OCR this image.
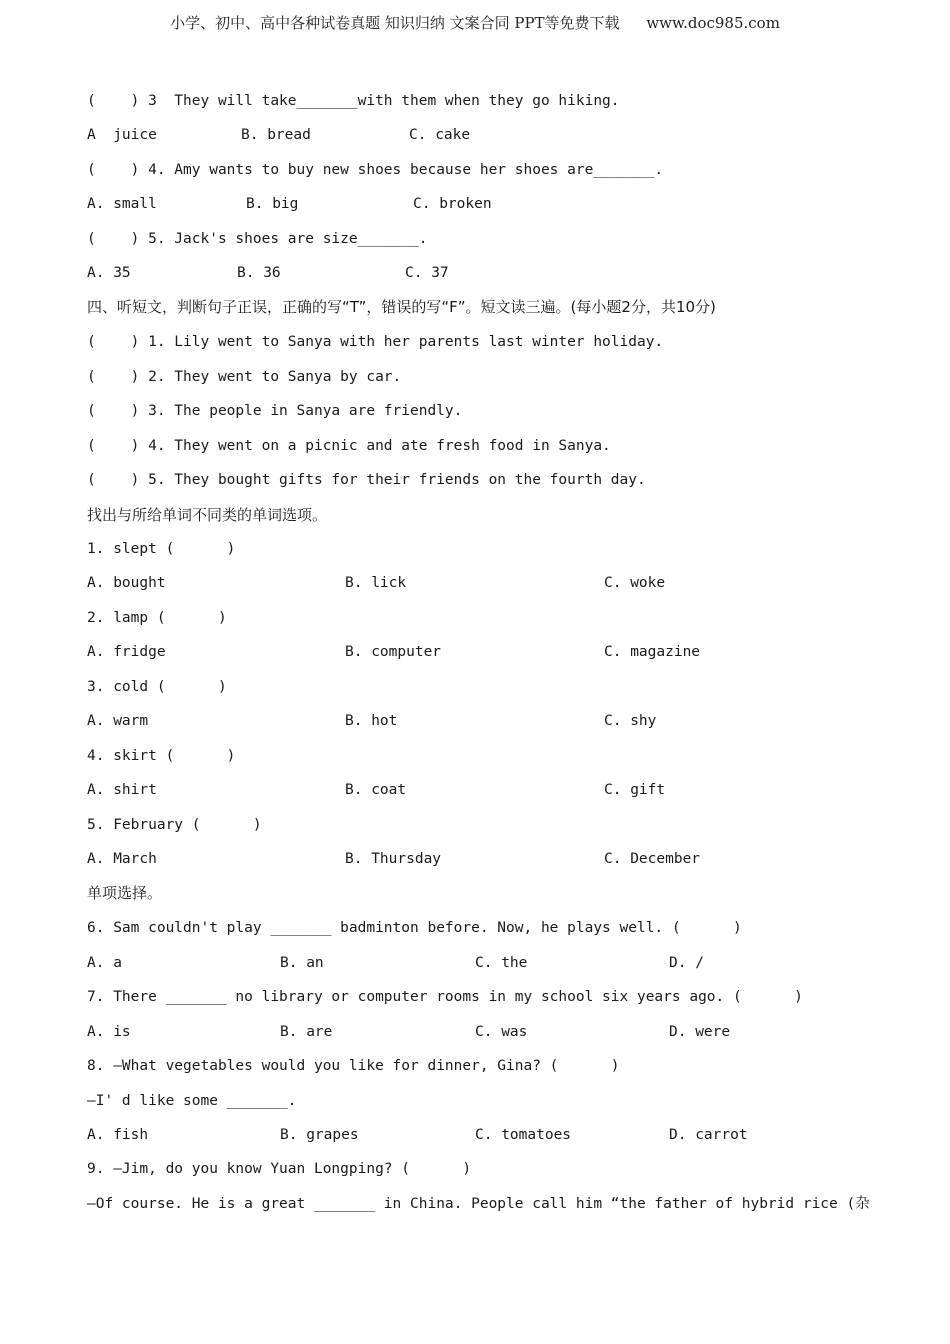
小学、初中、高中各种试卷真题 知识归纳 文案合同 PPT等免费下载 www.doc985.com
(    ) 3  They will take_______with them when they go hiking.
A  juice	B. bread	C. cake
(    ) 4. Amy wants to buy new shoes because her shoes are_______.
A. small	B. big	C. broken
(    ) 5. Jack's shoes are size_______.
A. 35	B. 36	C. 37
四、听短文，判断句子正误，正确的写“T”，错误的写“F”。短文读三遍。(每小题2分，共10分)
(    ) 1. Lily went to Sanya with her parents last winter holiday.
(    ) 2. They went to Sanya by car.
(    ) 3. The people in Sanya are friendly.
(    ) 4. They went on a picnic and ate fresh food in Sanya.
(    ) 5. They bought gifts for their friends on the fourth day.
找出与所给单词不同类的单词选项。
1. slept (      )
A. bought	B. lick	C. woke
2. lamp (      )
A. fridge	B. computer	C. magazine
3. cold (      )
A. warm	B. hot	C. shy
4. skirt (      )
A. shirt	B. coat	C. gift
5. February (      )
A. March	B. Thursday	C. December
单项选择。
6. Sam couldn't play _______ badminton before. Now, he plays well. (      )
A. a	B. an	C. the	D. /
7. There _______ no library or computer rooms in my school six years ago. (      )
A. is	B. are	C. was	D. were
8. —What vegetables would you like for dinner, Gina? (      )
—I' d like some _______.
A. fish	B. grapes	C. tomatoes	D. carrot
9. —Jim, do you know Yuan Longping? (      )
—Of course. He is a great _______ in China. People call him “the father of hybrid rice (杂
